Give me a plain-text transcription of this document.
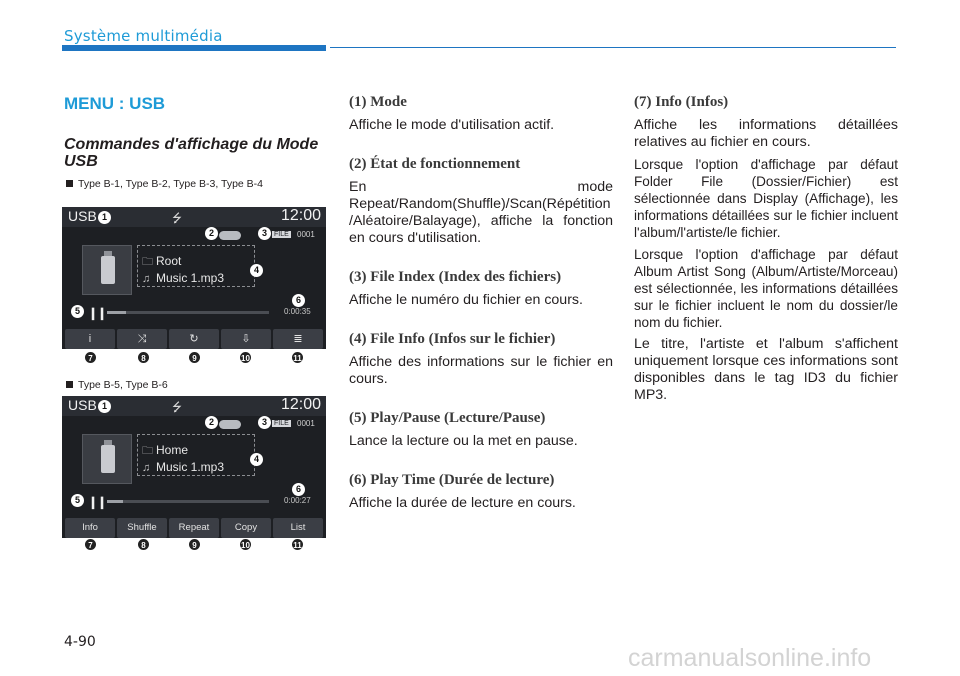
Système multimédia
MENU : USB
Commandes d'affichage du Mode USB
Type B-1, Type B-2, Type B-3, Type B-4
USB	⭍	12:00
🗀 Root
♫ Music 1.mp3
FILE 0001
❙❙	0:00:35
i	⤨	↻	⇩	≣
1
2	3
4
5
6
7	8	9	10	11
Type B-5, Type B-6
USB	⭍	12:00
🗀 Home
♫ Music 1.mp3
FILE 0001
❙❙	0:00:27
Info	Shuffle	Repeat	Copy	List
1
2	3
4
5
6
7	8	9	10	11
(1) Mode
Affiche le mode d'utilisation actif.
(2) État de fonctionnement
En mode Repeat/Random(Shuffle)/Scan(Répétition/Aléatoire/Balayage), affiche la fonction en cours d'utilisation.
(3) File Index (Index des fichiers)
Affiche le numéro du fichier en cours.
(4) File Info (Infos sur le fichier)
Affiche des informations sur le fichier en cours.
(5) Play/Pause (Lecture/Pause)
Lance la lecture ou la met en pause.
(6) Play Time (Durée de lecture)
Affiche la durée de lecture en cours.
(7) Info (Infos)
Affiche les informations détaillées relatives au fichier en cours.
Lorsque l'option d'affichage par défaut Folder File (Dossier/Fichier) est sélectionnée dans Display (Affichage), les informations détaillées sur le fichier incluent l'album/l'artiste/le fichier.
Lorsque l'option d'affichage par défaut Album Artist Song (Album/Artiste/Morceau) est sélectionnée, les informations détaillées sur le fichier incluent le nom du dossier/le nom du fichier.
Le titre, l'artiste et l'album s'affichent uniquement lorsque ces informations sont disponibles dans le tag ID3 du fichier MP3.
4-90
carmanualsonline.info
